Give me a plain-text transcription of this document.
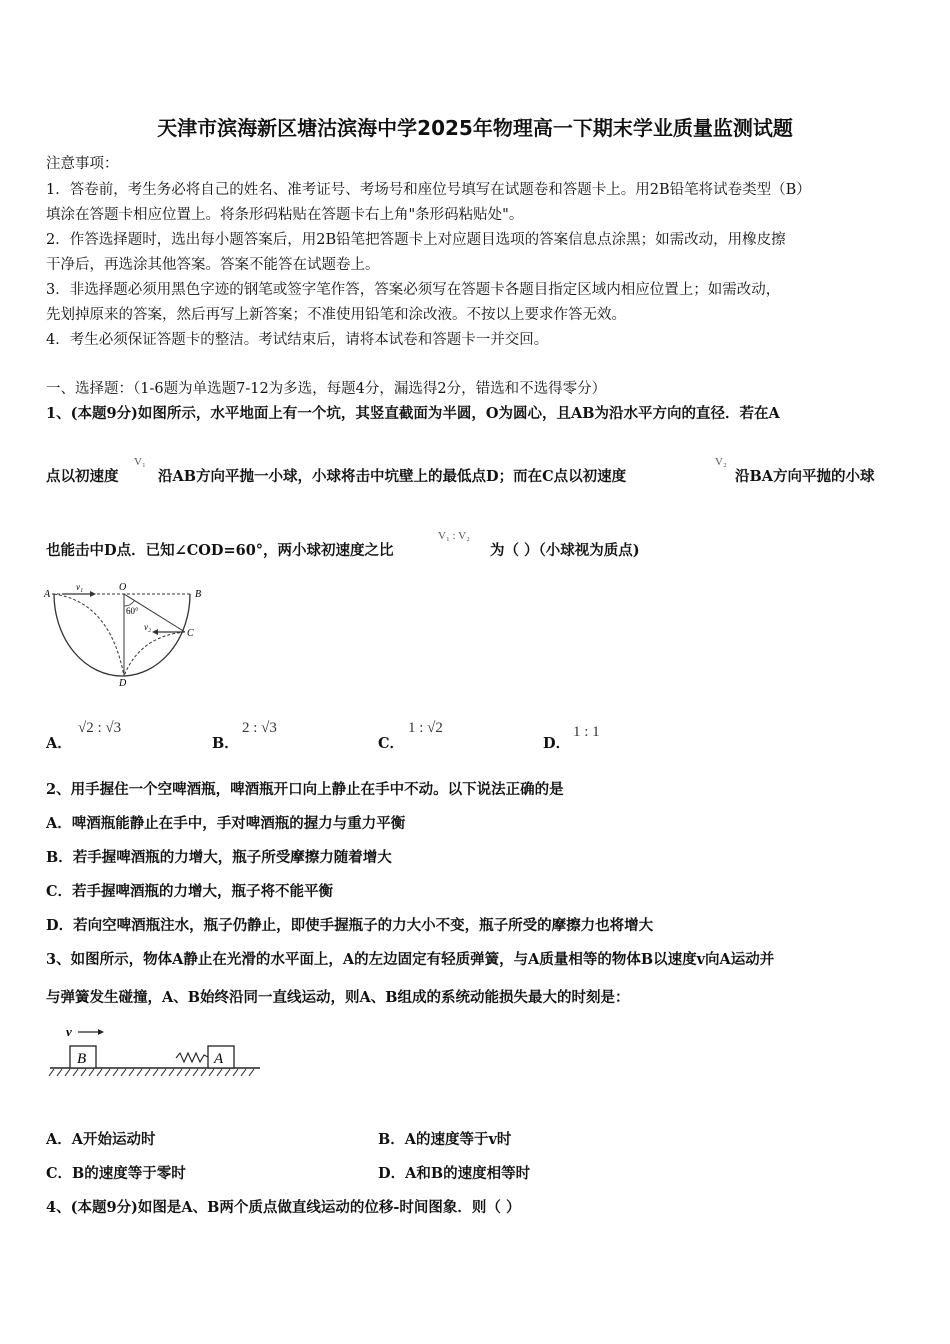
天津市滨海新区塘沽滨海中学2025年物理高一下期末学业质量监测试题
注意事项：
1．答卷前，考生务必将自己的姓名、准考证号、考场号和座位号填写在试题卷和答题卡上。用2B铅笔将试卷类型（B）
填涂在答题卡相应位置上。将条形码粘贴在答题卡右上角"条形码粘贴处"。
2．作答选择题时，选出每小题答案后，用2B铅笔把答题卡上对应题目选项的答案信息点涂黑；如需改动，用橡皮擦
干净后，再选涂其他答案。答案不能答在试题卷上。
3．非选择题必须用黑色字迹的钢笔或签字笔作答，答案必须写在答题卡各题目指定区域内相应位置上；如需改动，
先划掉原来的答案，然后再写上新答案；不准使用铅笔和涂改液。不按以上要求作答无效。
4．考生必须保证答题卡的整洁。考试结束后，请将本试卷和答题卡一并交回。
一、选择题：（1-6题为单选题7-12为多选，每题4分，漏选得2分，错选和不选得零分）
1、(本题9分)如图所示，水平地面上有一个坑，其竖直截面为半圆，O为圆心，且AB为沿水平方向的直径．若在A
点以初速度
V₁
沿AB方向平抛一小球，小球将击中坑壁上的最低点D；而在C点以初速度
V₂
沿BA方向平抛的小球
也能击中D点．已知∠COD=60°，两小球初速度之比
V₁ : V₂
为（ ）（小球视为质点)
A	B
O
C
D
60°
v₁
v₂
A．
√2 : √3
B．
2 : √3
C．
1 : √2
D．
1 : 1
2、用手握住一个空啤酒瓶，啤酒瓶开口向上静止在手中不动。以下说法正确的是
A．啤酒瓶能静止在手中，手对啤酒瓶的握力与重力平衡
B．若手握啤酒瓶的力增大，瓶子所受摩擦力随着增大
C．若手握啤酒瓶的力增大，瓶子将不能平衡
D．若向空啤酒瓶注水，瓶子仍静止，即使手握瓶子的力大小不变，瓶子所受的摩擦力也将增大
3、如图所示，物体A静止在光滑的水平面上，A的左边固定有轻质弹簧，与A质量相等的物体B以速度v向A运动并
与弹簧发生碰撞，A、B始终沿同一直线运动，则A、B组成的系统动能损失最大的时刻是：
B	A
v
A．A开始运动时	B．A的速度等于v时
C．B的速度等于零时	D．A和B的速度相等时
4、(本题9分)如图是A、B两个质点做直线运动的位移-时间图象．则（ ）
